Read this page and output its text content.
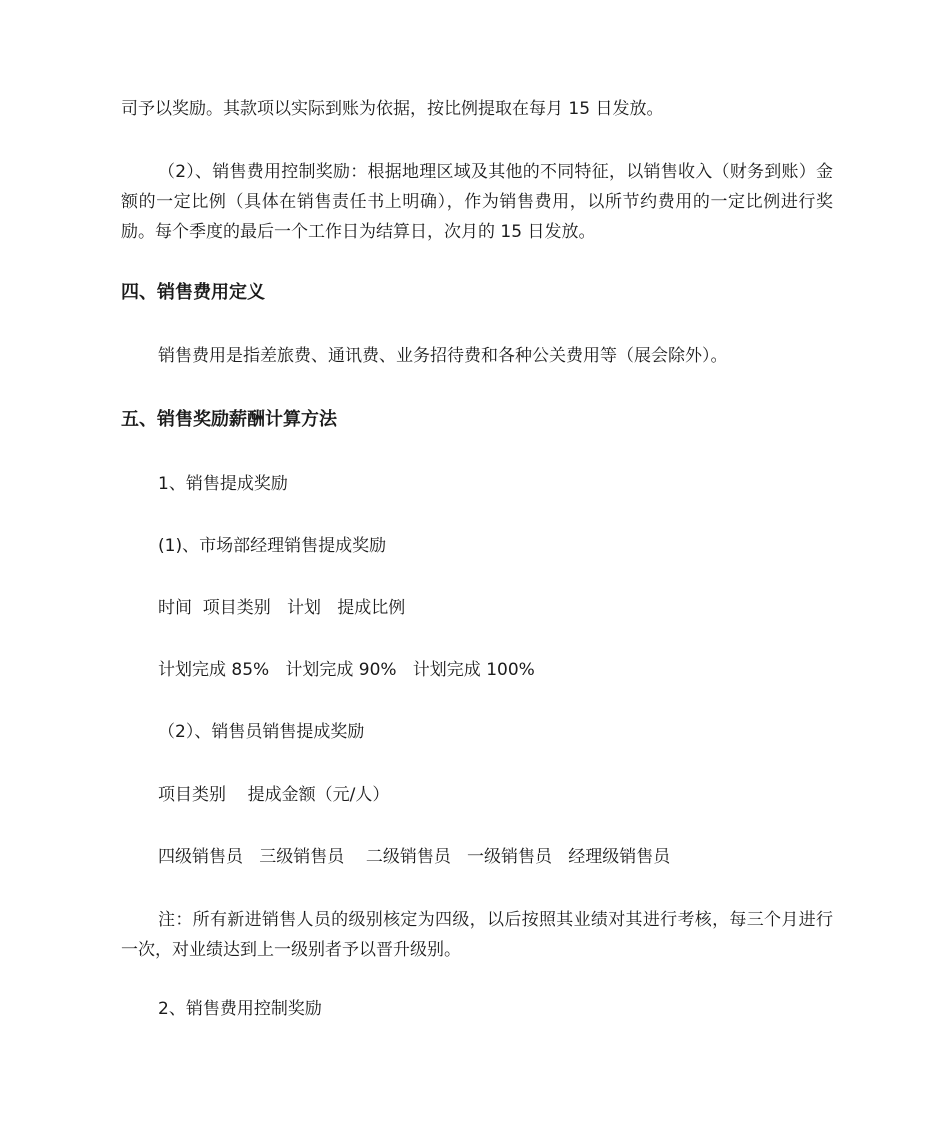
司予以奖励。其款项以实际到账为依据，按比例提取在每月 15 日发放。

（2）、销售费用控制奖励：根据地理区域及其他的不同特征，以销售收入（财务到账）金额的一定比例（具体在销售责任书上明确），作为销售费用，以所节约费用的一定比例进行奖励。每个季度的最后一个工作日为结算日，次月的 15 日发放。

四、销售费用定义

销售费用是指差旅费、通讯费、业务招待费和各种公关费用等（展会除外）。

五、销售奖励薪酬计算方法

1、销售提成奖励

(1)、市场部经理销售提成奖励

时间  项目类别   计划   提成比例

计划完成 85%   计划完成 90%   计划完成 100%

（2）、销售员销售提成奖励

项目类别    提成金额（元/人）

四级销售员   三级销售员    二级销售员   一级销售员   经理级销售员

注：所有新进销售人员的级别核定为四级，以后按照其业绩对其进行考核，每三个月进行一次，对业绩达到上一级别者予以晋升级别。

2、销售费用控制奖励
